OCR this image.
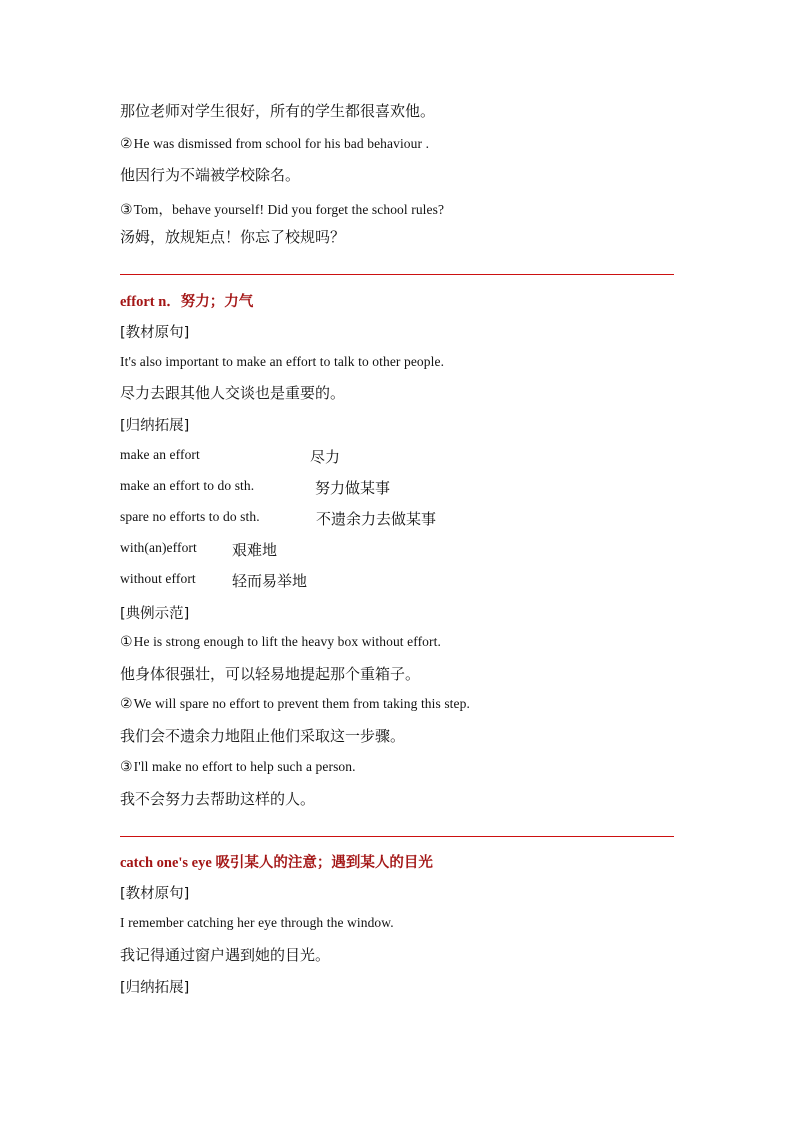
那位老师对学生很好，所有的学生都很喜欢他。
②He was dismissed from school for his bad behaviour .
他因行为不端被学校除名。
③Tom，behave yourself! Did you forget the school rules?
汤姆，放规矩点！你忘了校规吗？
effort n．努力；力气
[教材原句]
It's also important to make an effort to talk to other people.
尽力去跟其他人交谈也是重要的。
[归纳拓展]
make an effort	尽力
make an effort to do sth.	努力做某事
spare no efforts to do sth.	不遗余力去做某事
with(an)effort 艰难地
without effort 轻而易举地
[典例示范]
①He is strong enough to lift the heavy box without effort.
他身体很强壮，可以轻易地提起那个重箱子。
②We will spare no effort to prevent them from taking this step.
我们会不遗余力地阻止他们采取这一步骤。
③I'll make no effort to help such a person.
我不会努力去帮助这样的人。
catch one's eye 吸引某人的注意；遇到某人的目光
[教材原句]
I remember catching her eye through the window.
我记得通过窗户遇到她的目光。
[归纳拓展]
